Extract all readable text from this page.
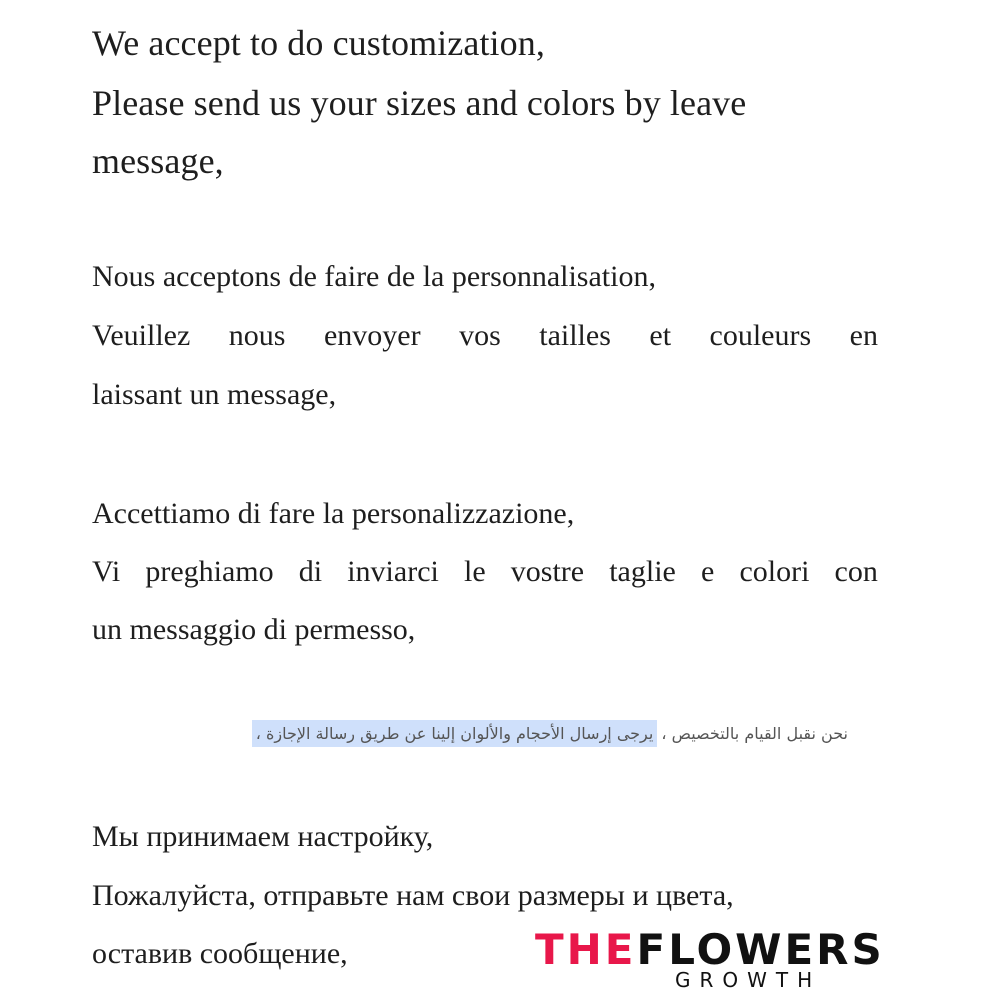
We accept to do customization,

Please send us your sizes and colors by leave

message,

Nous acceptons de faire de la personnalisation,

Veuillez nous envoyer vos tailles et couleurs en

laissant un message,

Accettiamo di fare la personalizzazione,

Vi preghiamo di inviarci le vostre taglie e colori con

un messaggio di permesso,

نحن نقبل القيام بالتخصيص ،
يرجى إرسال الأحجام والألوان إلينا عن طريق رسالة الإجازة ،

Мы принимаем настройку,

Пожалуйста, отправьте нам свои размеры и цвета,

оставив сообщение,	THEFLOWERS
GROWTH
